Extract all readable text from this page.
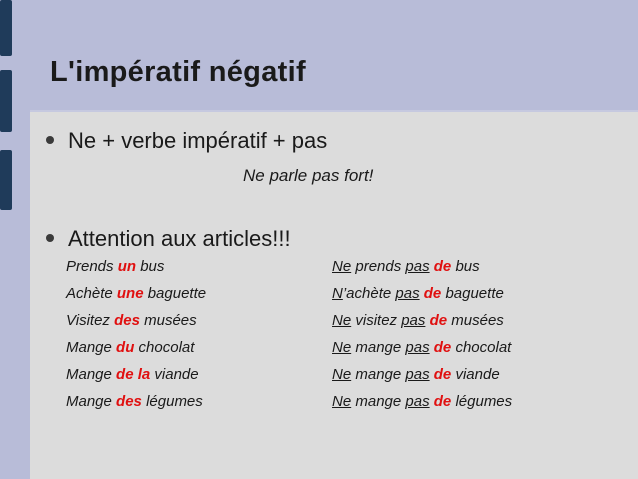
L'impératif négatif
Ne + verbe impératif + pas
Ne parle pas fort!
Attention aux articles!!!
Prends un bus	Ne prends pas de bus
Achète une baguette	N’achète pas de baguette
Visitez des musées	Ne visitez pas de musées
Mange du chocolat	Ne mange pas de chocolat
Mange de la viande	Ne mange pas de viande
Mange des légumes	Ne mange pas de légumes
